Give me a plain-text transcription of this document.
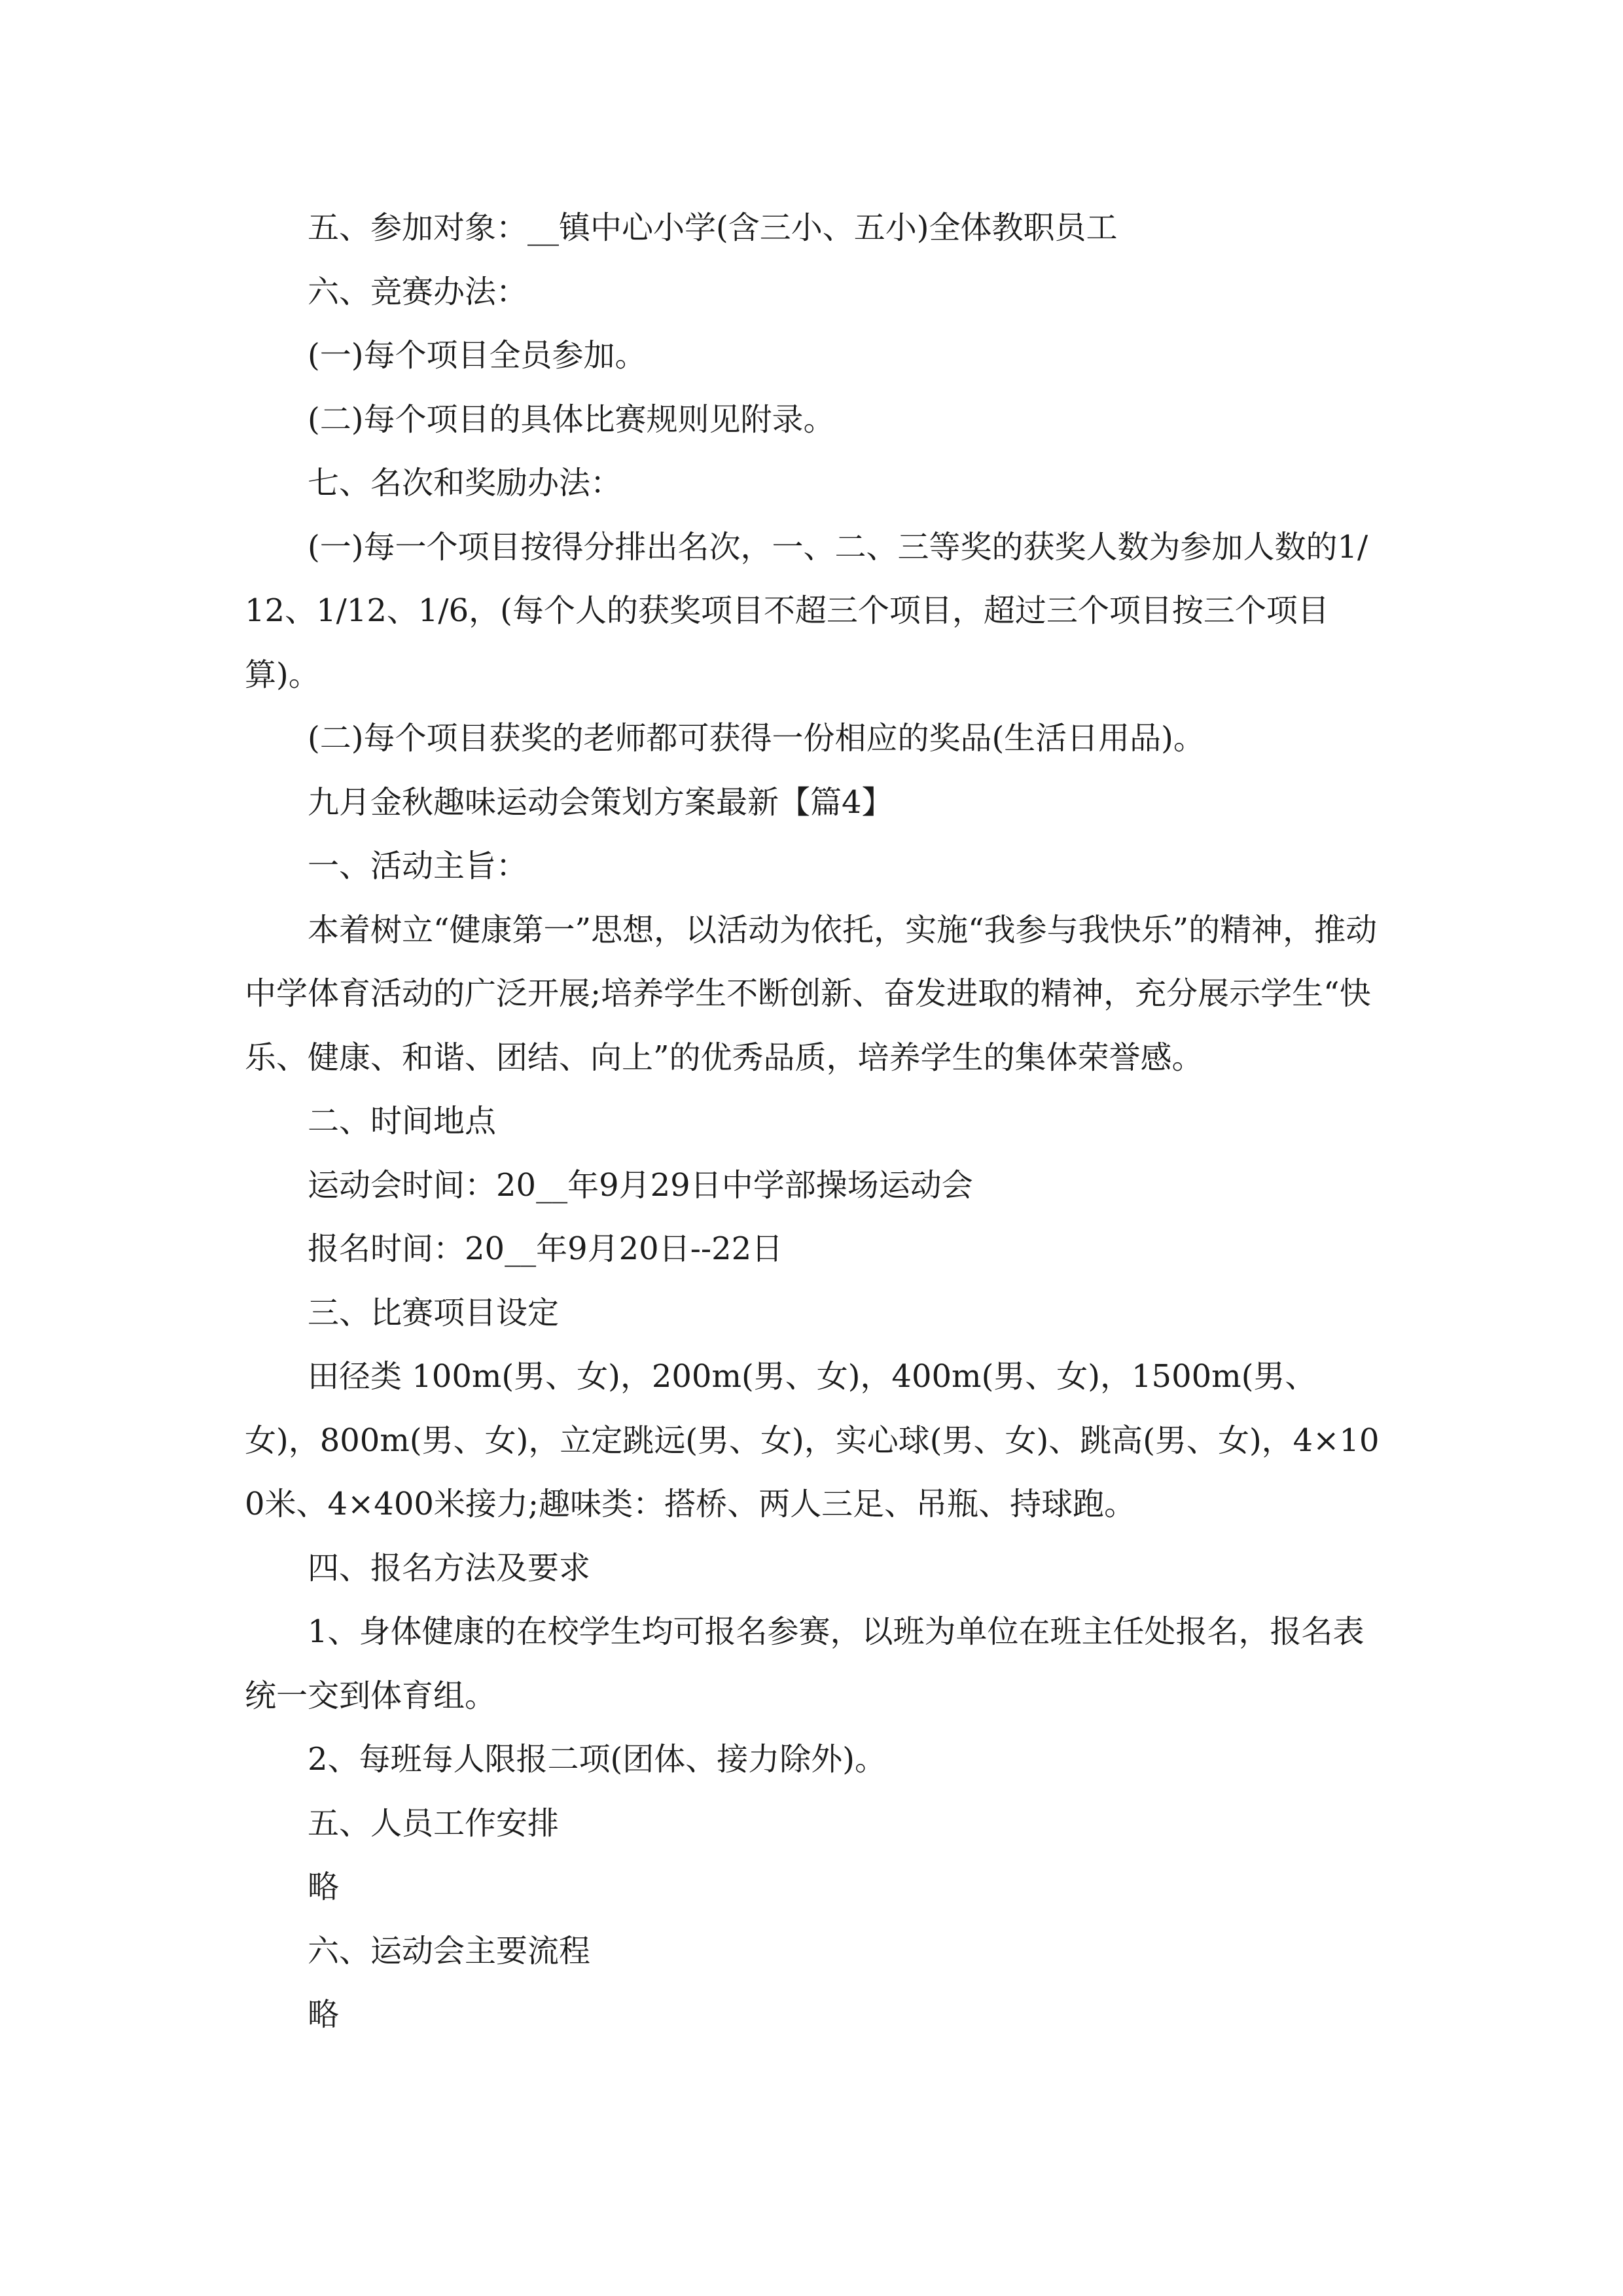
五、参加对象：__镇中心小学(含三小、五小)全体教职员工

六、竞赛办法：

(一)每个项目全员参加。

(二)每个项目的具体比赛规则见附录。

七、名次和奖励办法：

(一)每一个项目按得分排出名次，一、二、三等奖的获奖人数为参加人数的1/12、1/12、1/6，(每个人的获奖项目不超三个项目，超过三个项目按三个项目算)。

(二)每个项目获奖的老师都可获得一份相应的奖品(生活日用品)。

九月金秋趣味运动会策划方案最新【篇4】

一、活动主旨：

本着树立“健康第一”思想，以活动为依托，实施“我参与我快乐”的精神，推动中学体育活动的广泛开展;培养学生不断创新、奋发进取的精神，充分展示学生“快乐、健康、和谐、团结、向上”的优秀品质，培养学生的集体荣誉感。

二、时间地点

运动会时间：20__年9月29日中学部操场运动会

报名时间：20__年9月20日--22日

三、比赛项目设定

田径类 100m(男、女)，200m(男、女)，400m(男、女)，1500m(男、女)，800m(男、女)，立定跳远(男、女)，实心球(男、女)、跳高(男、女)，4×100米、4×400米接力;趣味类：搭桥、两人三足、吊瓶、持球跑。

四、报名方法及要求

1、身体健康的在校学生均可报名参赛，以班为单位在班主任处报名，报名表统一交到体育组。

2、每班每人限报二项(团体、接力除外)。

五、人员工作安排

略

六、运动会主要流程

略
